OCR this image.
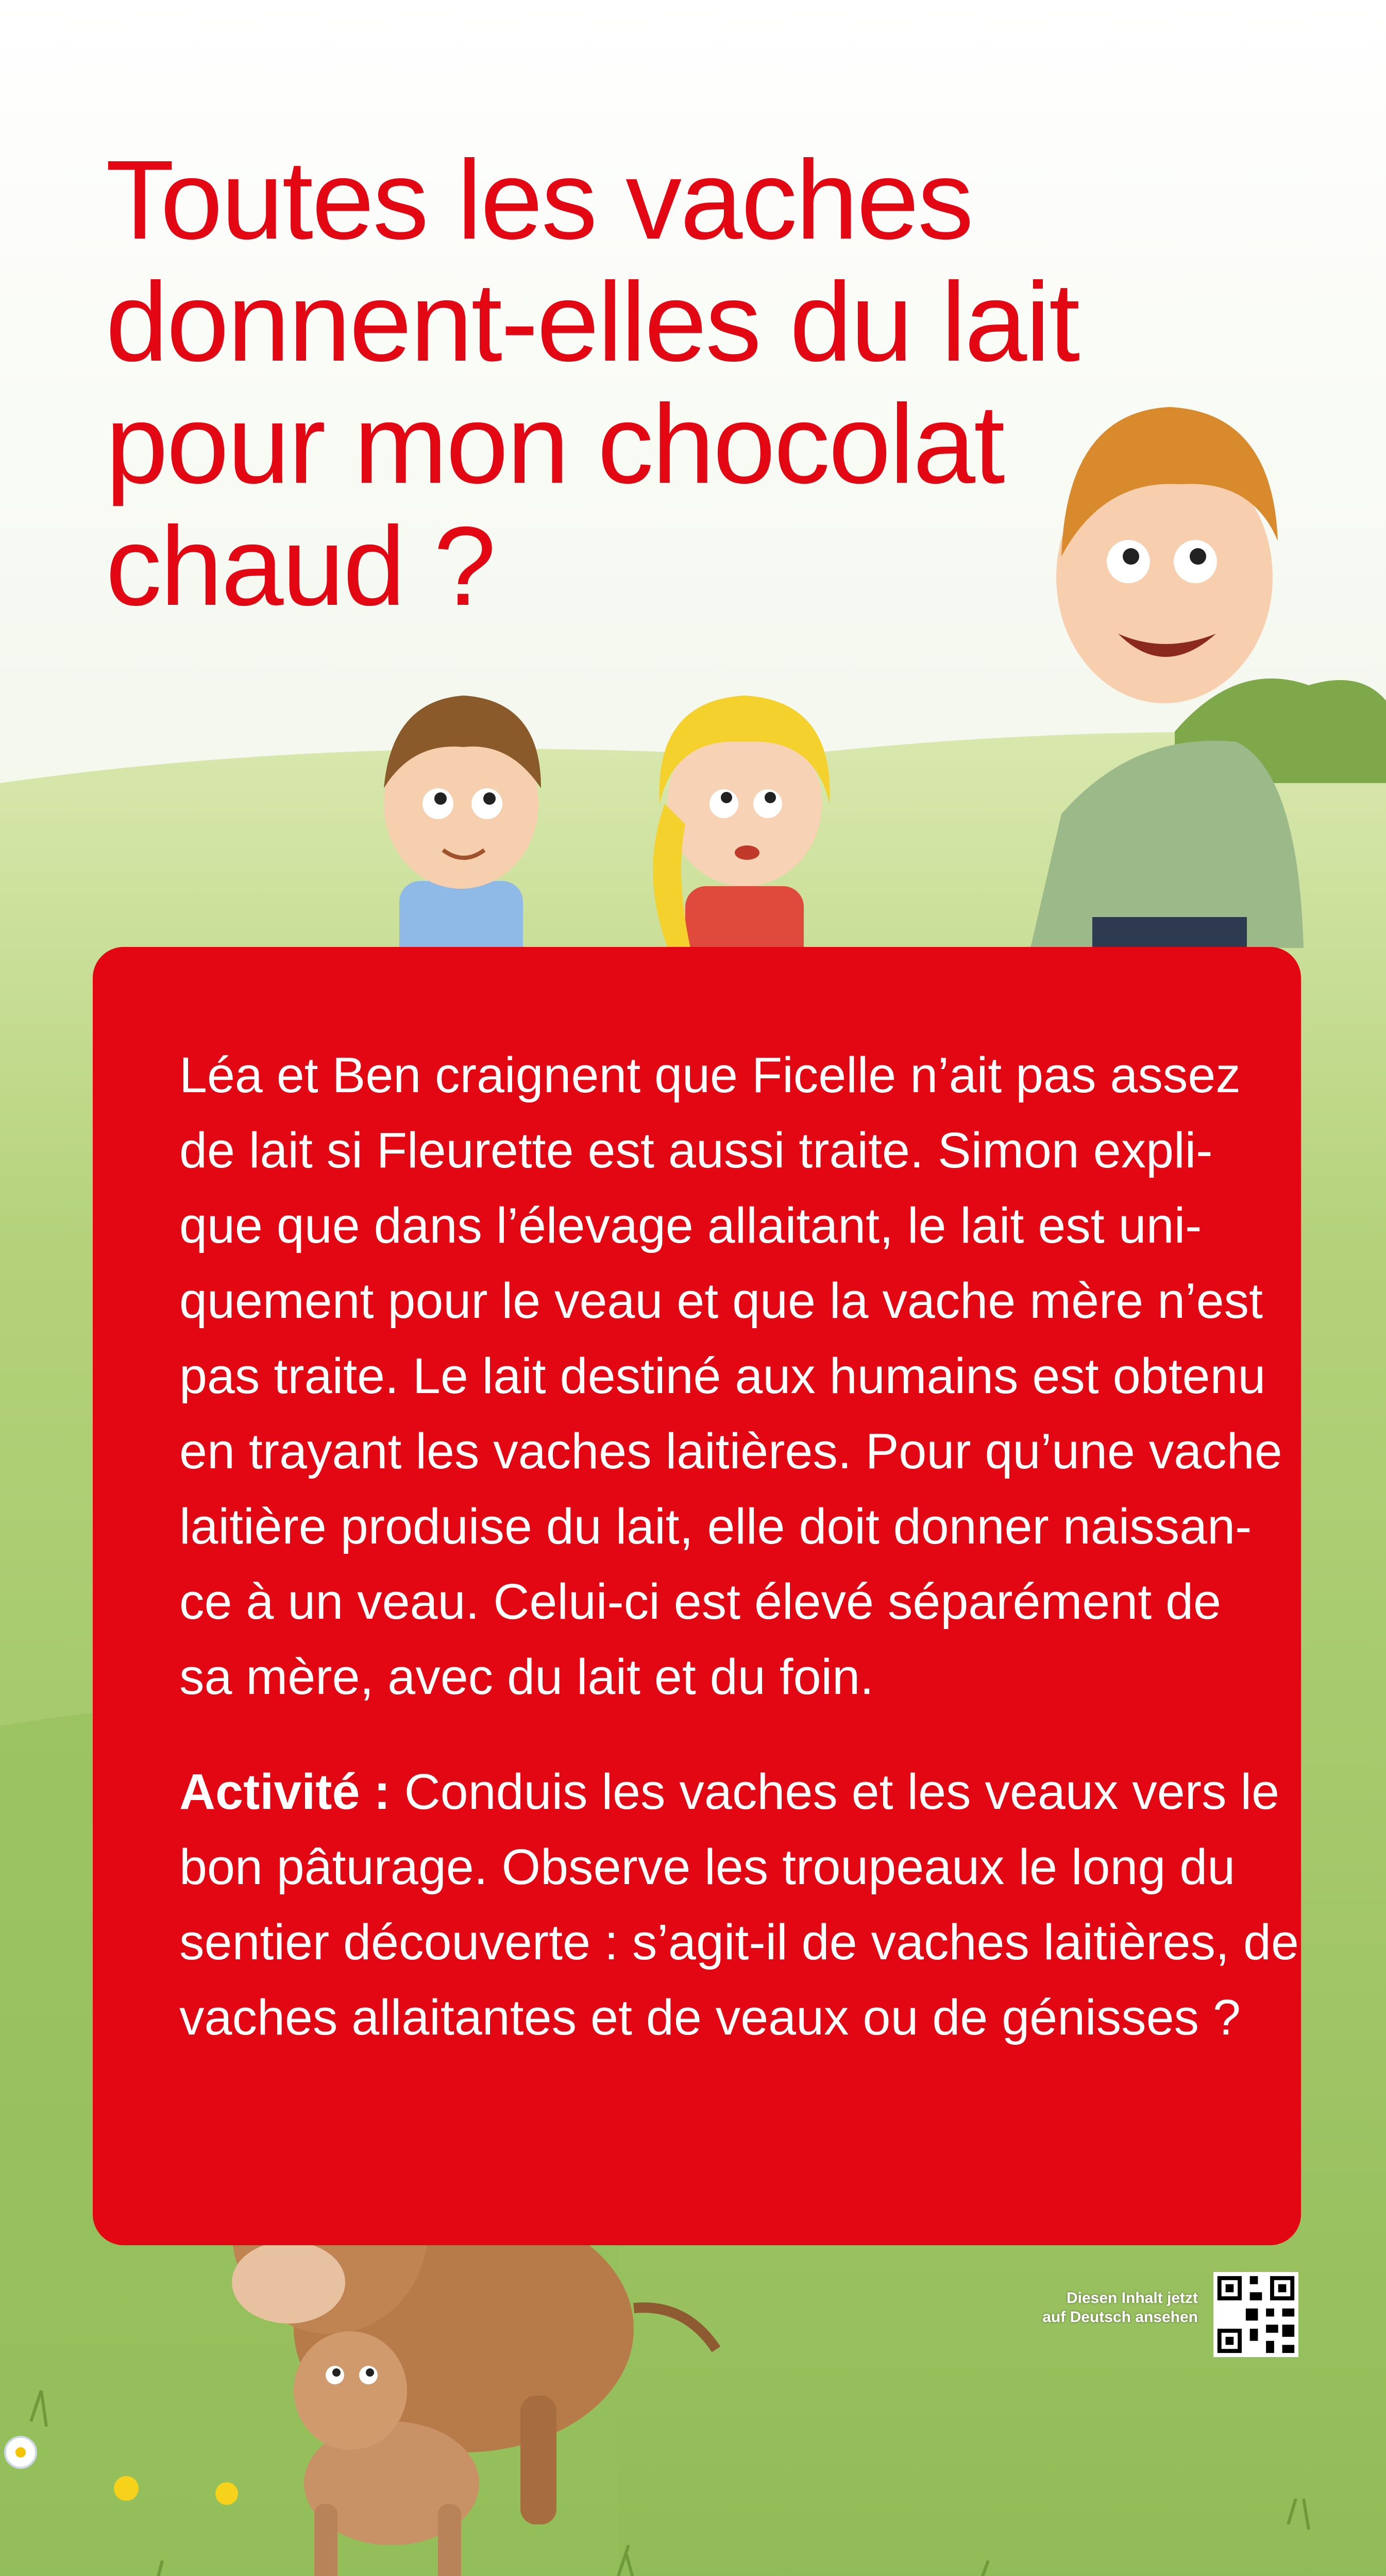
Toutes les vaches
donnent-elles du lait
pour mon chocolat
chaud ?

Léa et Ben craignent que Ficelle n’ait pas assez
de lait si Fleurette est aussi traite. Simon expli-
que que dans l’élevage allaitant, le lait est uni-
quement pour le veau et que la vache mère n’est
pas traite. Le lait destiné aux humains est obtenu
en trayant les vaches laitières. Pour qu’une vache
laitière produise du lait, elle doit donner naissan-
ce à un veau. Celui-ci est élevé séparément de
sa mère, avec du lait et du foin.

Activité : Conduis les vaches et les veaux vers le
bon pâturage. Observe les troupeaux le long du
sentier découverte : s’agit-il de vaches laitières, de
vaches allaitantes et de veaux ou de génisses ?

Diesen Inhalt jetzt
auf Deutsch ansehen
